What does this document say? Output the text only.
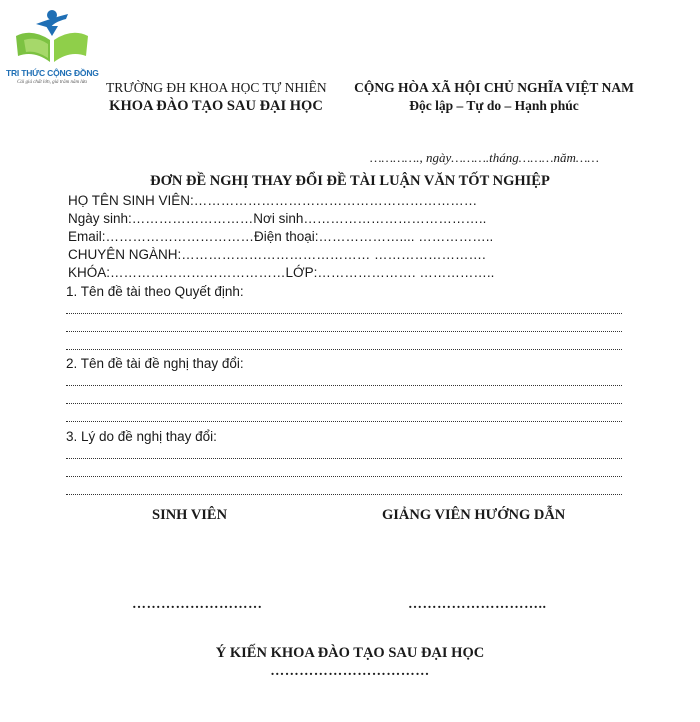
TRI THỨC CỘNG ĐỒNG
Cải giá chất lớn, giá trăm năm lửa	TRƯỜNG ĐH KHOA HỌC TỰ NHIÊN
KHOA ĐÀO TẠO SAU ĐẠI HỌC
CỘNG HÒA XÃ HỘI CHỦ NGHĨA VIỆT NAM
Độc lập – Tự do – Hạnh phúc
…………., ngày……….tháng………năm……
ĐƠN ĐỀ NGHỊ THAY ĐỔI ĐỀ TÀI LUẬN VĂN TỐT NGHIỆP
HỌ TÊN SINH VIÊN:………………………………………………………
Ngày sinh:………………………Nơi sinh…………………………………..
Email:……………………………Điện thoại:……………….... ……………..
CHUYÊN NGÀNH:…………………………………… …………………….
KHÓA:…………………………………LỚP:…………………. ……………..
1. Tên đề tài theo Quyết định:
2. Tên đề tài đề nghị thay đổi:
3. Lý do đề nghị thay đổi:
SINH VIÊN	GIẢNG VIÊN HƯỚNG DẪN
………………………	………………………..
Ý KIẾN KHOA ĐÀO TẠO SAU ĐẠI HỌC
……………………………
